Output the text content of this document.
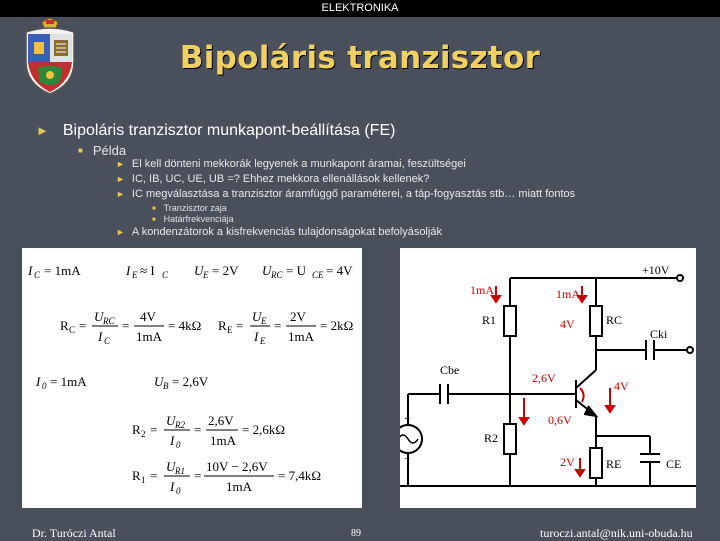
ELEKTRONIKA
Bipoláris tranzisztor
► Bipoláris tranzisztor munkapont-beállítása (FE)
■ Példa
► El kell dönteni mekkorák legyenek a munkapont áramai, feszültségei
► IC, IB, UC, UE, UB =? Ehhez mekkora ellenállások kellenek?
► IC megválasztása a tranzisztor áramfüggő paraméterei, a táp-fogyasztás stb… miatt fontos
■ Tranzisztor zaja
■ Határfrekvenciája
► A kondenzátorok a kisfrekvenciás tulajdonságokat befolyásolják
I C = 1mA	I E ≈ I C U E = 2V U RC = U CE = 4V
R C =
U RC
I C
=
4V
1mA
= 4kΩ R E =
U E
I E
=
2V
1mA
= 2kΩ
I 0 = 1mA	U B = 2,6V
R 2 =
U R2
I 0
=
2,6V
1mA
= 2,6kΩ
R 1 =
U R1
I 0
=
10V − 2,6V
1mA
= 7,4kΩ
+10V
1mA	1mA
R1	RC
4V
Cki
Cbe
2,6V
4V
0,6V
R2
2V	RE	CE
+
−
Dr. Turóczi Antal	89	turoczi.antal@nik.uni-obuda.hu
